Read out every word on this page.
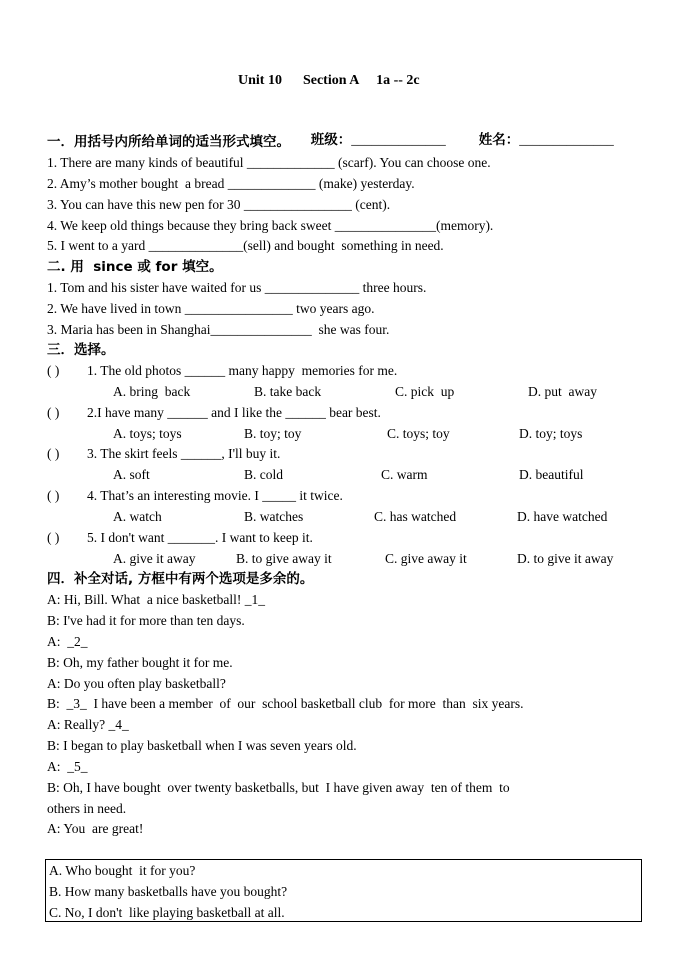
Unit 10      Section A     1a -- 2c

班级：______________	姓名：______________

一．用括号内所给单词的适当形式填空。
1. There are many kinds of beautiful _____________ (scarf). You can choose one.
2. Amy’s mother bought  a bread _____________ (make) yesterday.
3. You can have this new pen for 30 ________________ (cent).
4. We keep old things because they bring back sweet _______________(memory).
5. I went to a yard ______________(sell) and bought  something in need.
二. 用  since 或 for 填空。
1. Tom and his sister have waited for us ______________ three hours.
2. We have lived in town ________________ two years ago.
3. Maria has been in Shanghai_______________  she was four.
三．选择。
( ) 1. The old photos ______ many happy  memories for me.
A. bring  back	B. take back	C. pick  up	D. put  away
( ) 2.I have many ______ and I like the ______ bear best.
A. toys; toys	B. toy; toy	C. toys; toy	D. toy; toys
( ) 3. The skirt feels ______, I'll buy it.
A. soft	B. cold	C. warm	D. beautiful
( ) 4. That’s an interesting movie. I _____ it twice.
A. watch	B. watches	C. has watched	D. have watched
( ) 5. I don't want _______. I want to keep it.
A. give it away	B. to give away it	C. give away it	D. to give it away
四．补全对话, 方框中有两个选项是多余的。
A: Hi, Bill. What  a nice basketball! _1_
B: I've had it for more than ten days.
A:  _2_
B: Oh, my father bought it for me.
A: Do you often play basketball?
B:  _3_  I have been a member  of  our  school basketball club  for more  than  six years.
A: Really? _4_
B: I began to play basketball when I was seven years old.
A:  _5_
B: Oh, I have bought  over twenty basketballs, but  I have given away  ten of them  to
others in need.
A: You  are great!
A. Who bought  it for you?
B. How many basketballs have you bought?
C. No, I don't  like playing basketball at all.
